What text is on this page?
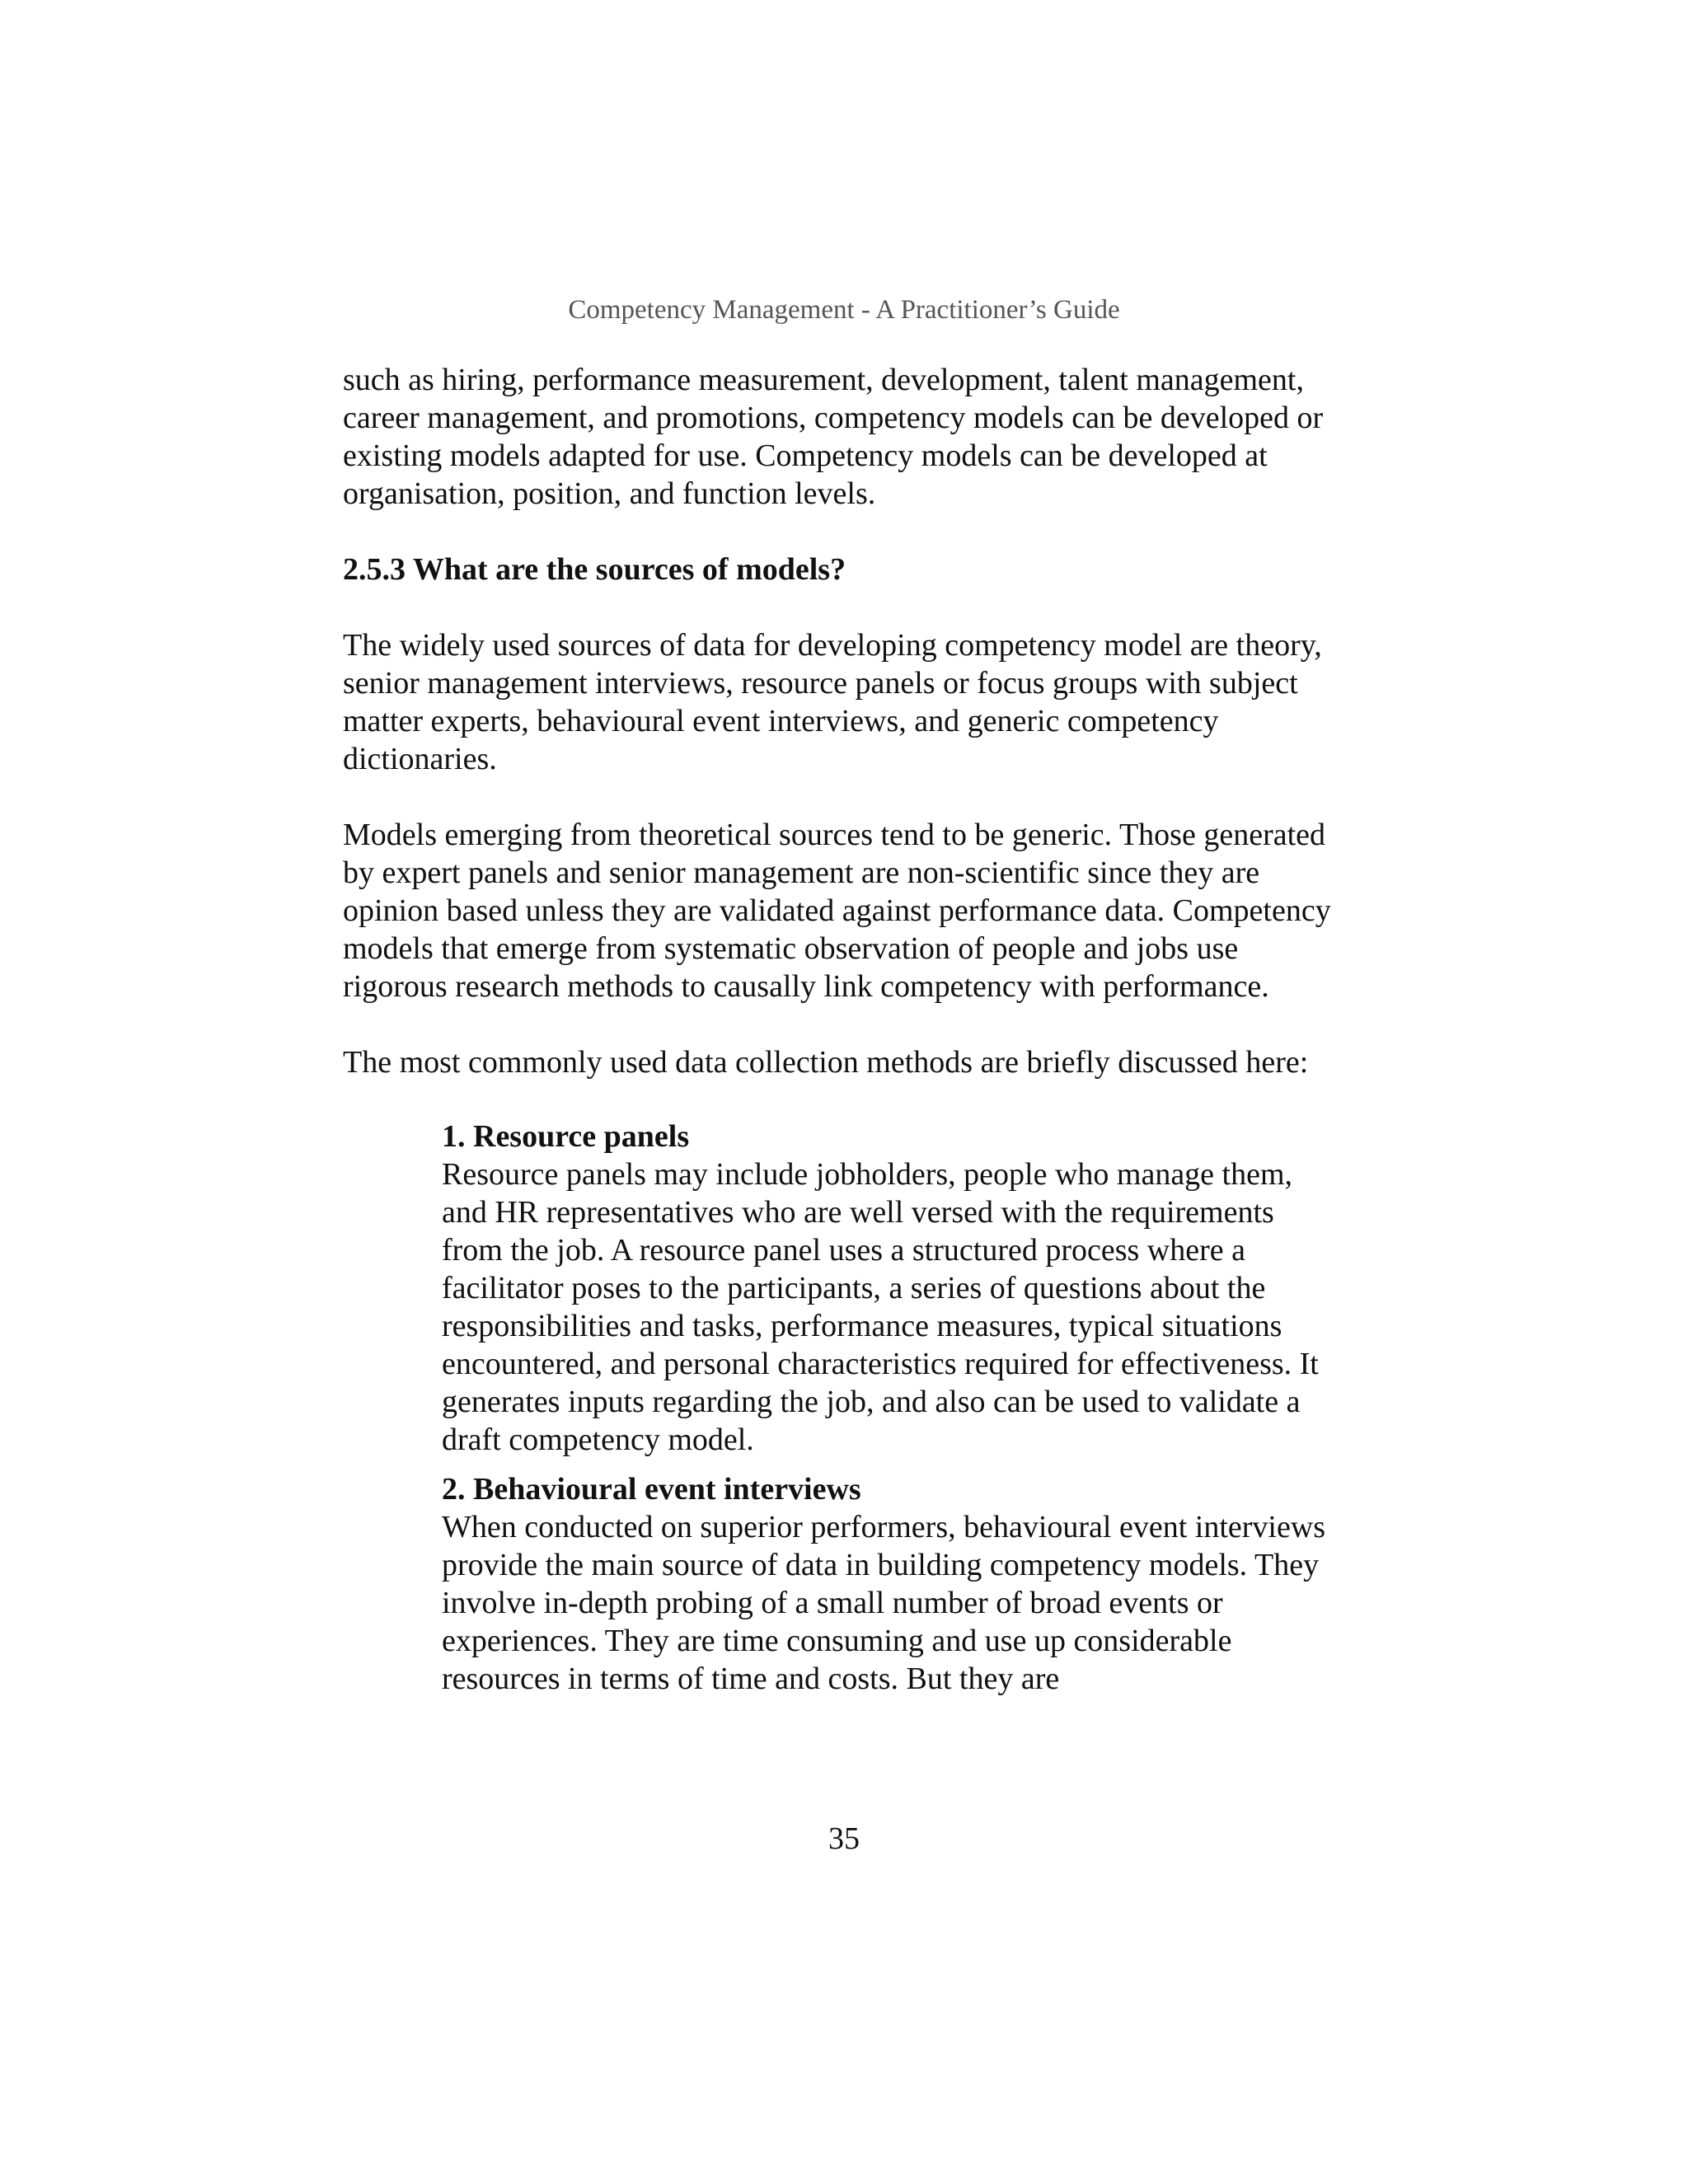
Competency Management - A Practitioner’s Guide

such as hiring, performance measurement, development, talent management, career management, and promotions, competency models can be developed or existing models adapted for use. Competency models can be developed at organisation, position, and function levels.

2.5.3 What are the sources of models?

The widely used sources of data for developing competency model are theory, senior management interviews, resource panels or focus groups with subject matter experts, behavioural event interviews, and generic competency dictionaries.

Models emerging from theoretical sources tend to be generic. Those generated by expert panels and senior management are non-scientific since they are opinion based unless they are validated against performance data. Competency models that emerge from systematic observation of people and jobs use rigorous research methods to causally link competency with performance.

The most commonly used data collection methods are briefly discussed here:

1. Resource panels

Resource panels may include jobholders, people who manage them, and HR representatives who are well versed with the requirements from the job. A resource panel uses a structured process where a facilitator poses to the participants, a series of questions about the responsibilities and tasks, performance measures, typical situations encountered, and personal characteristics required for effectiveness. It generates inputs regarding the job, and also can be used to validate a draft competency model.

2. Behavioural event interviews

When conducted on superior performers, behavioural event interviews provide the main source of data in building competency models. They involve in-depth probing of a small number of broad events or experiences. They are time consuming and use up considerable resources in terms of time and costs. But they are

35
